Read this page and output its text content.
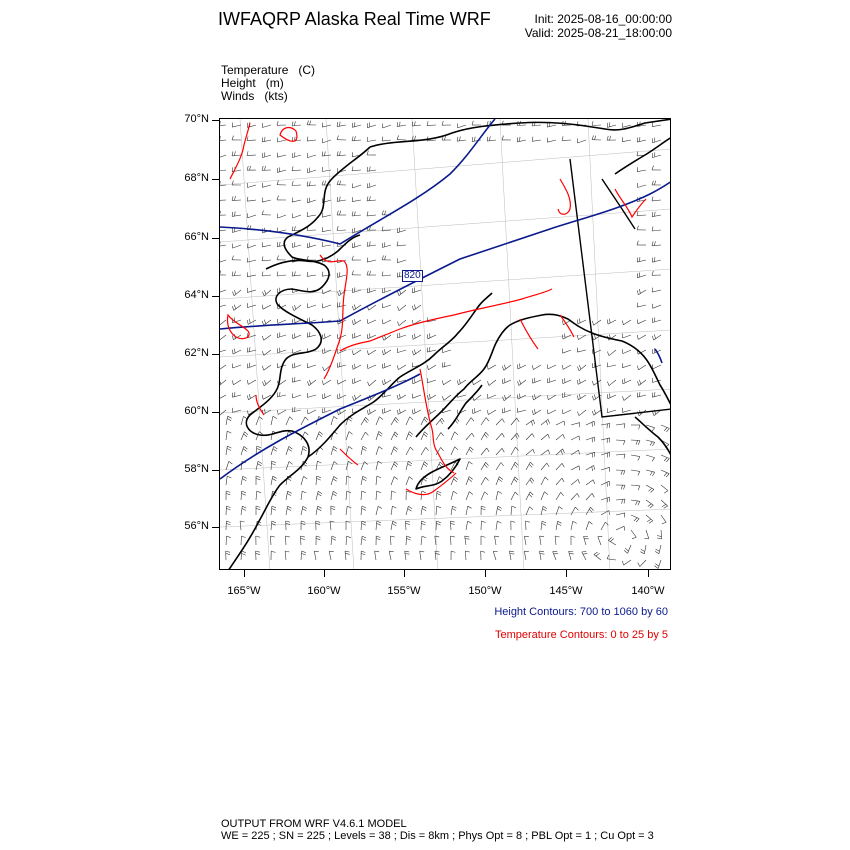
IWFAQRP Alaska Real Time WRF	Init: 2025-08-16_00:00:00
Valid: 2025-08-21_18:00:00
Temperature (C)
Height (m)
Winds (kts)
820
70°N
68°N
66°N
64°N
62°N
60°N
58°N
56°N
165°W	160°W	155°W	150°W	145°W	140°W
Height Contours: 700 to 1060 by 60
Temperature Contours: 0 to 25 by 5
OUTPUT FROM WRF V4.6.1 MODEL
WE = 225 ; SN = 225 ; Levels = 38 ; Dis = 8km ; Phys Opt = 8 ; PBL Opt = 1 ; Cu Opt = 3
